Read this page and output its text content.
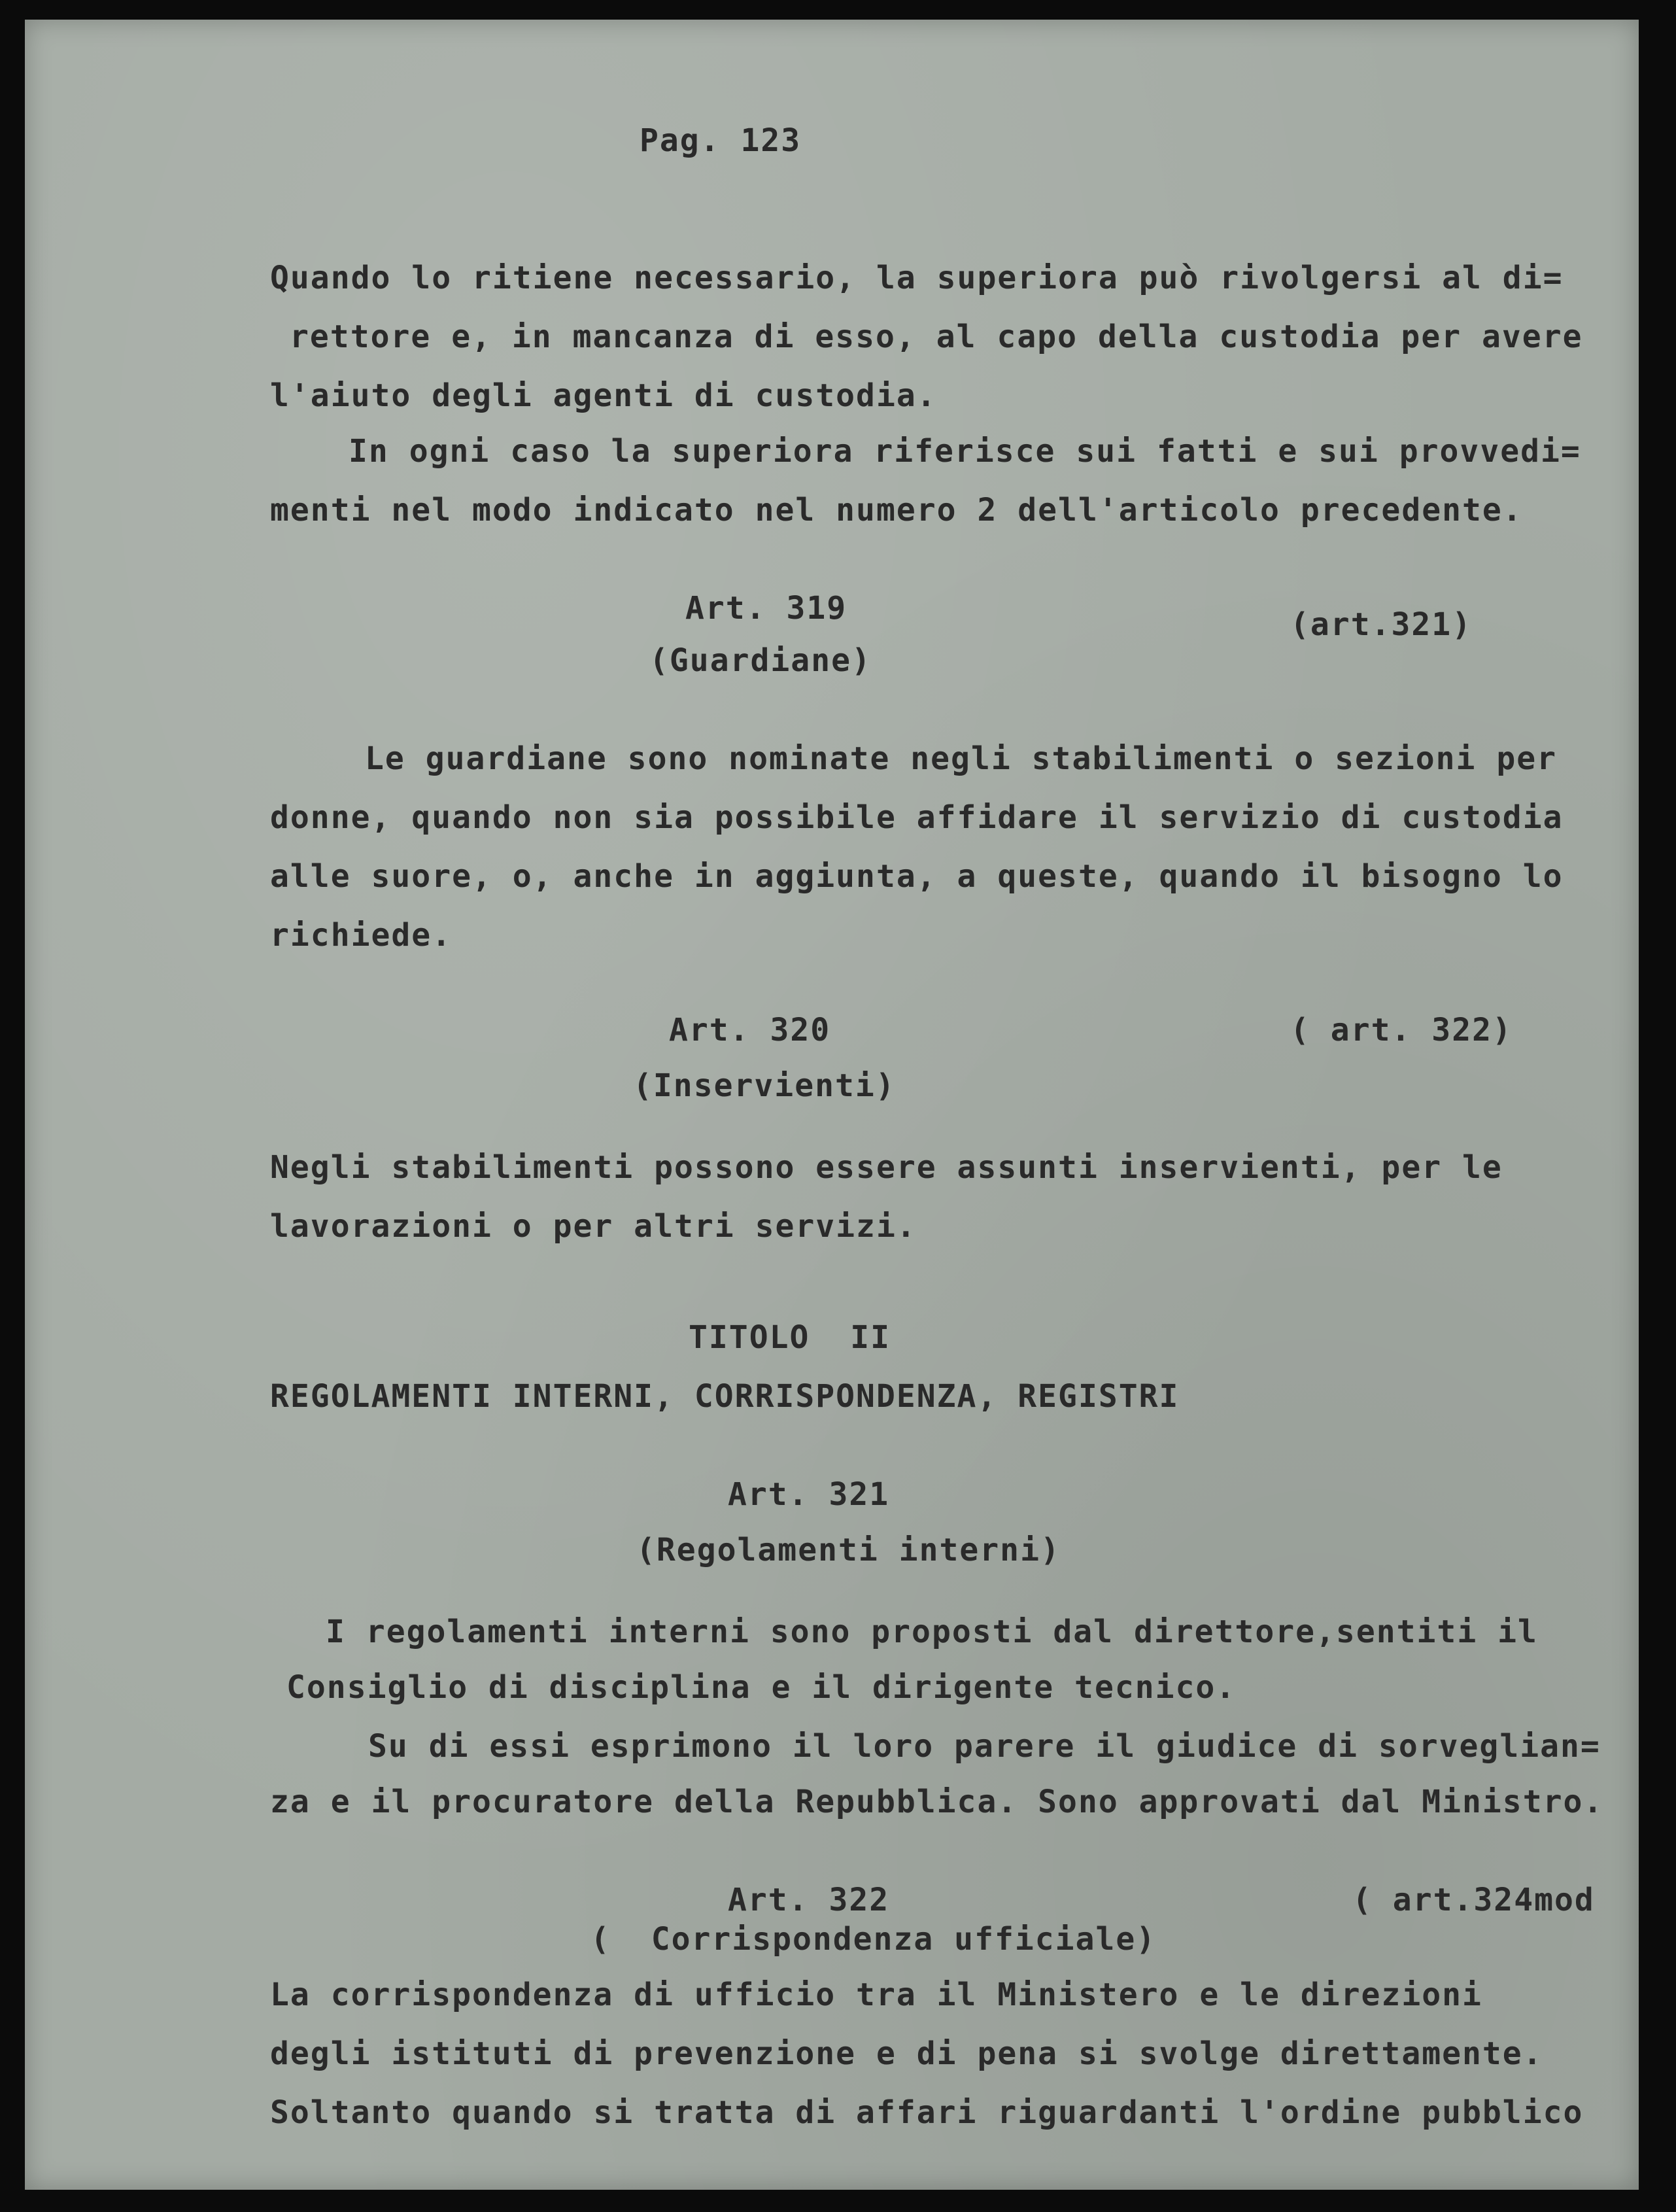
Pag. 123

Quando lo ritiene necessario, la superiora può rivolgersi al di=

rettore e, in mancanza di esso, al capo della custodia per avere

l'aiuto degli agenti di custodia.

In ogni caso la superiora riferisce sui fatti e sui provvedi=

menti nel modo indicato nel numero 2 dell'articolo precedente.

Art. 319

(Guardiane)

(art.321)

Le guardiane sono nominate negli stabilimenti o sezioni per

donne, quando non sia possibile affidare il servizio di custodia

alle suore, o, anche in aggiunta, a queste, quando il bisogno lo

richiede.

Art. 320

(Inservienti)

( art. 322)

Negli stabilimenti possono essere assunti inservienti, per le

lavorazioni o per altri servizi.

TITOLO  II

REGOLAMENTI INTERNI, CORRISPONDENZA, REGISTRI

Art. 321

(Regolamenti interni)

I regolamenti interni sono proposti dal direttore,sentiti il

Consiglio di disciplina e il dirigente tecnico.

Su di essi esprimono il loro parere il giudice di sorveglian=

za e il procuratore della Repubblica. Sono approvati dal Ministro.

Art. 322	( art.324mod

(  Corrispondenza ufficiale)

La corrispondenza di ufficio tra il Ministero e le direzioni

degli istituti di prevenzione e di pena si svolge direttamente.

Soltanto quando si tratta di affari riguardanti l'ordine pubblico
